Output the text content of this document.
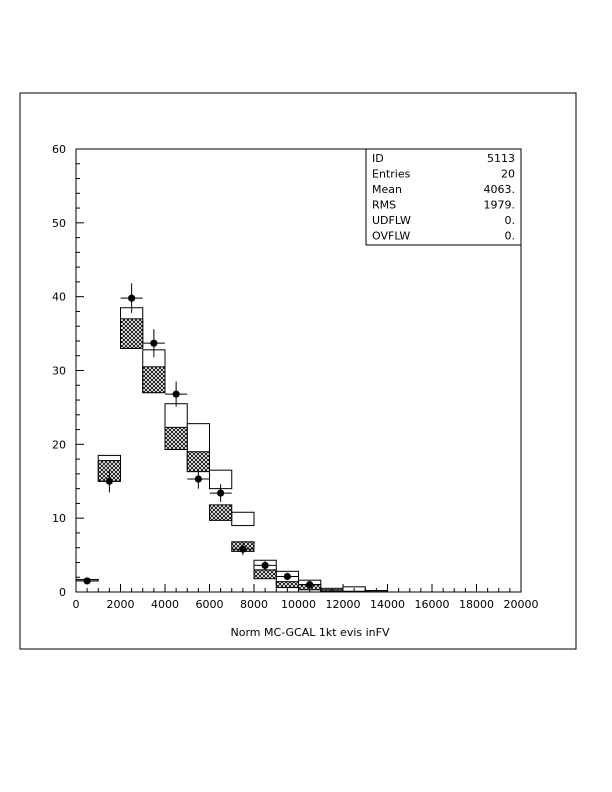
0 2000 4000 6000 8000 10000 12000 14000 16000 18000 20000
0
10
20
30
40
50
60
ID	5113
Entries	20
Mean	4063.
RMS	1979.
UDFLW	0.
OVFLW	0.
Norm MC-GCAL 1kt evis inFV
